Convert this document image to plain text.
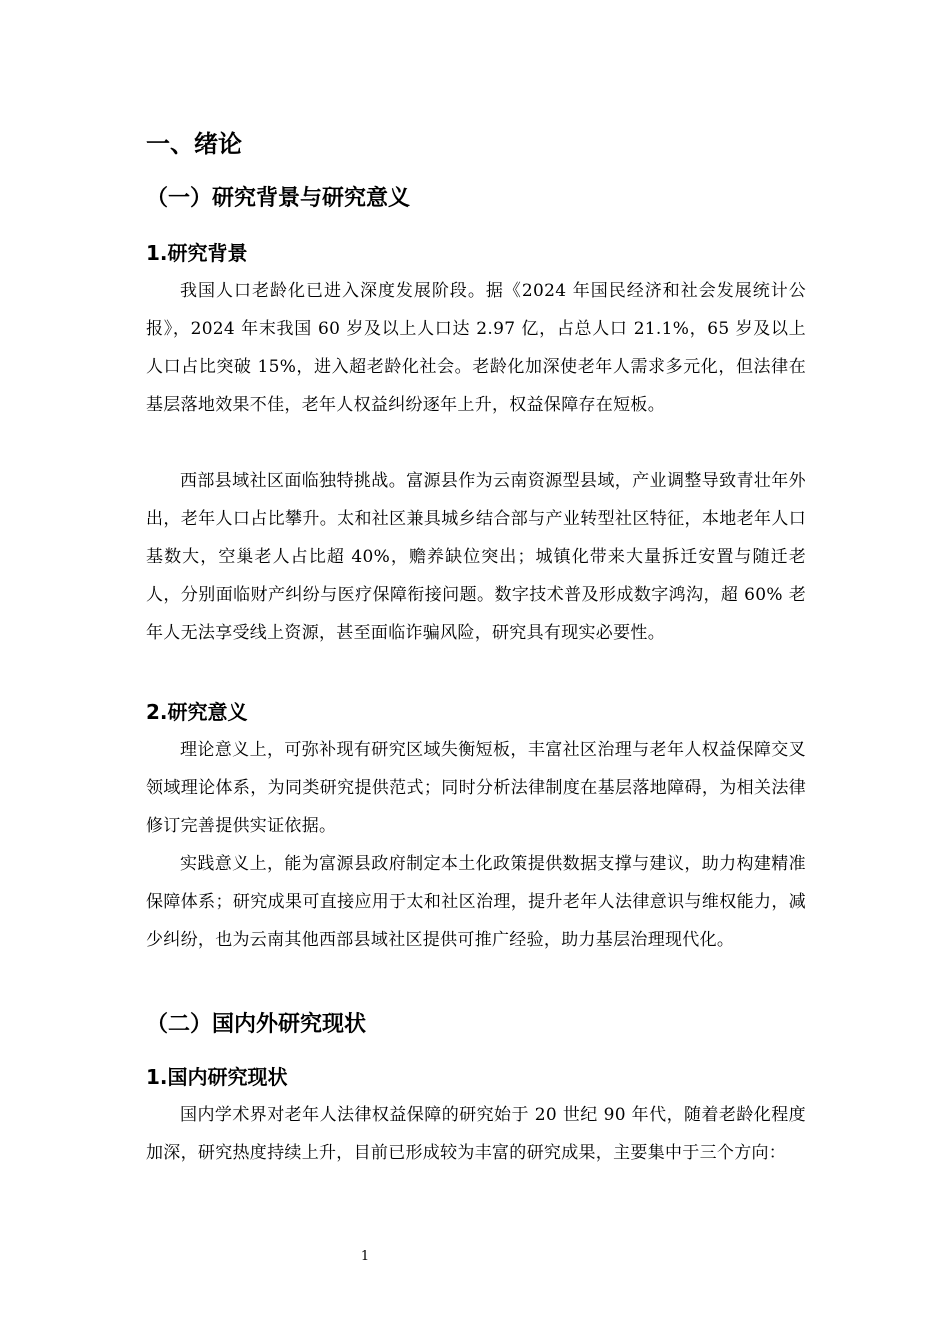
一、绪论
（一）研究背景与研究意义
1.研究背景

我国人口老龄化已进入深度发展阶段。据《2024 年国民经济和社会发展统计公报》，2024 年末我国 60 岁及以上人口达 2.97 亿，占总人口 21.1%，65 岁及以上人口占比突破 15%，进入超老龄化社会。老龄化加深使老年人需求多元化，但法律在基层落地效果不佳，老年人权益纠纷逐年上升，权益保障存在短板。

西部县域社区面临独特挑战。富源县作为云南资源型县域，产业调整导致青壮年外出，老年人口占比攀升。太和社区兼具城乡结合部与产业转型社区特征，本地老年人口基数大，空巢老人占比超 40%，赡养缺位突出；城镇化带来大量拆迁安置与随迁老人，分别面临财产纠纷与医疗保障衔接问题。数字技术普及形成数字鸿沟，超 60% 老年人无法享受线上资源，甚至面临诈骗风险，研究具有现实必要性。

2.研究意义

理论意义上，可弥补现有研究区域失衡短板，丰富社区治理与老年人权益保障交叉领域理论体系，为同类研究提供范式；同时分析法律制度在基层落地障碍，为相关法律修订完善提供实证依据。

实践意义上，能为富源县政府制定本土化政策提供数据支撑与建议，助力构建精准保障体系；研究成果可直接应用于太和社区治理，提升老年人法律意识与维权能力，减少纠纷，也为云南其他西部县域社区提供可推广经验，助力基层治理现代化。

（二）国内外研究现状
1.国内研究现状

国内学术界对老年人法律权益保障的研究始于 20 世纪 90 年代，随着老龄化程度加深，研究热度持续上升，目前已形成较为丰富的研究成果，主要集中于三个方向：

1
